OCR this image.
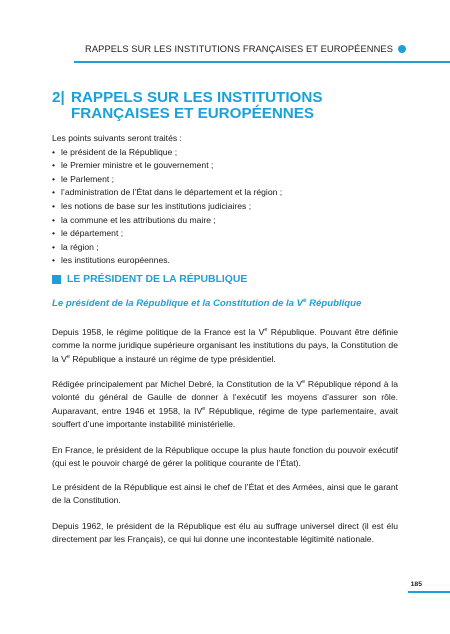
RAPPELS SUR LES INSTITUTIONS FRANÇAISES ET EUROPÉENNES
2| RAPPELS SUR LES INSTITUTIONS
FRANÇAISES ET EUROPÉENNES
Les points suivants seront traités :
• le président de la République ;
• le Premier ministre et le gouvernement ;
• le Parlement ;
• l’administration de l’État dans le département et la région ;
• les notions de base sur les institutions judiciaires ;
• la commune et les attributions du maire ;
• le département ;
• la région ;
• les institutions européennes.
LE PRÉSIDENT DE LA RÉPUBLIQUE
Le président de la République et la Constitution de la Ve République

Depuis 1958, le régime politique de la France est la Ve République. Pouvant être définie comme la norme juridique supérieure organisant les institutions du pays, la Constitution de la Ve République a instauré un régime de type présidentiel.

Rédigée principalement par Michel Debré, la Constitution de la Ve République répond à la volonté du général de Gaulle de donner à l’exécutif les moyens d’assurer son rôle. Auparavant, entre 1946 et 1958, la IVe République, régime de type parlementaire, avait souffert d’une importante instabilité ministérielle.

En France, le président de la République occupe la plus haute fonction du pouvoir exécutif (qui est le pouvoir chargé de gérer la politique courante de l’État).

Le président de la République est ainsi le chef de l’État et des Armées, ainsi que le garant de la Constitution.

Depuis 1962, le président de la République est élu au suffrage universel direct (il est élu directement par les Français), ce qui lui donne une incontestable légitimité nationale.

185
